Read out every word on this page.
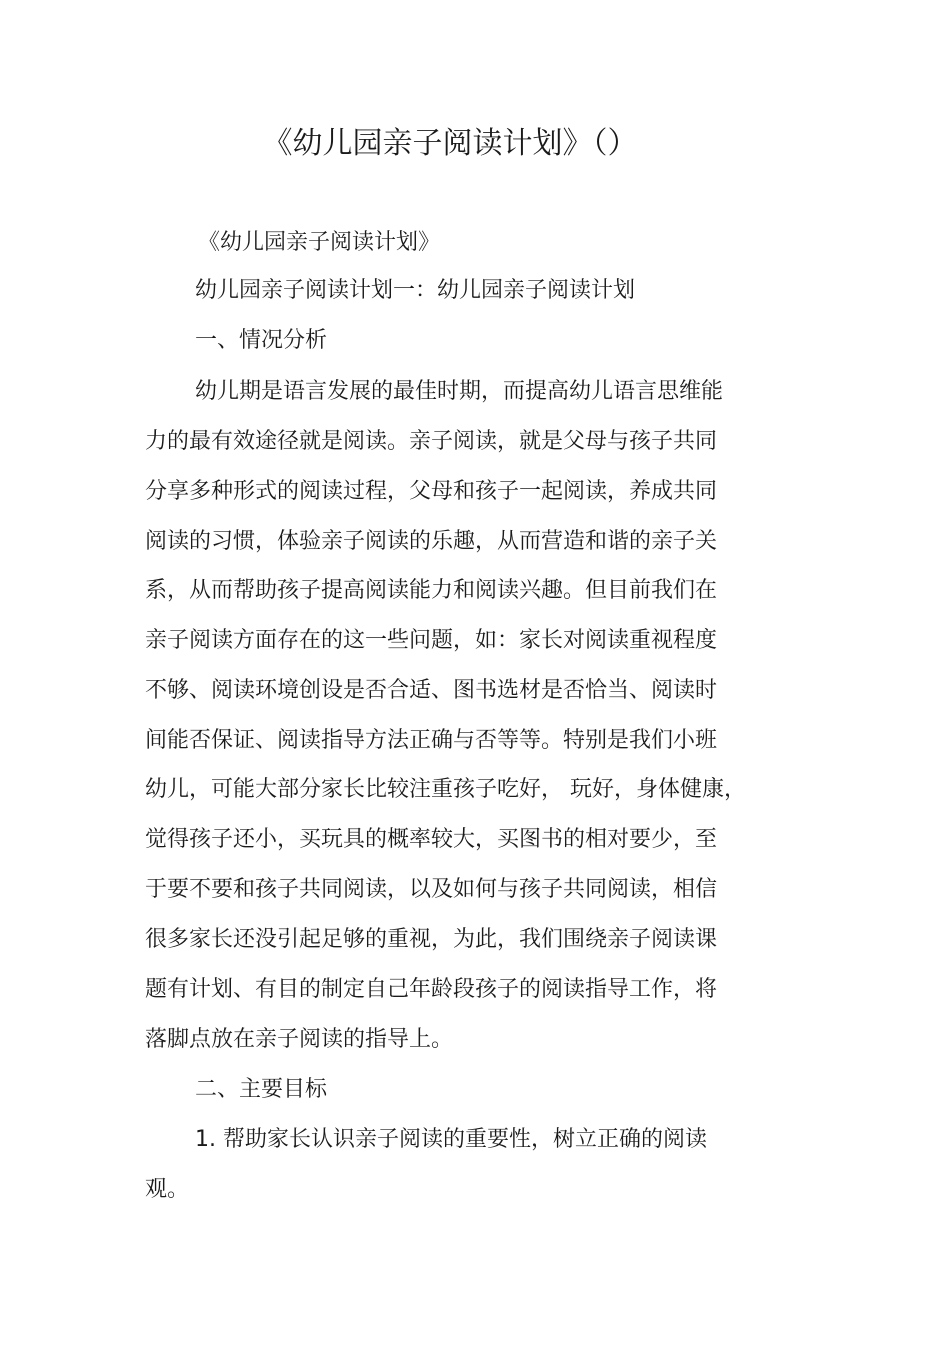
《幼儿园亲子阅读计划》（）
《幼儿园亲子阅读计划》
幼儿园亲子阅读计划一：幼儿园亲子阅读计划
一、情况分析
幼儿期是语言发展的最佳时期，而提高幼儿语言思维能
力的最有效途径就是阅读。亲子阅读，就是父母与孩子共同
分享多种形式的阅读过程，父母和孩子一起阅读，养成共同
阅读的习惯，体验亲子阅读的乐趣，从而营造和谐的亲子关
系，从而帮助孩子提高阅读能力和阅读兴趣。但目前我们在
亲子阅读方面存在的这一些问题，如：家长对阅读重视程度
不够、阅读环境创设是否合适、图书选材是否恰当、阅读时
间能否保证、阅读指导方法正确与否等等。特别是我们小班
幼儿，可能大部分家长比较注重孩子吃好， 玩好，身体健康，
觉得孩子还小，买玩具的概率较大，买图书的相对要少，至
于要不要和孩子共同阅读，以及如何与孩子共同阅读，相信
很多家长还没引起足够的重视，为此，我们围绕亲子阅读课
题有计划、有目的制定自己年龄段孩子的阅读指导工作，将
落脚点放在亲子阅读的指导上。
二、主要目标
1. 帮助家长认识亲子阅读的重要性，树立正确的阅读
观。
